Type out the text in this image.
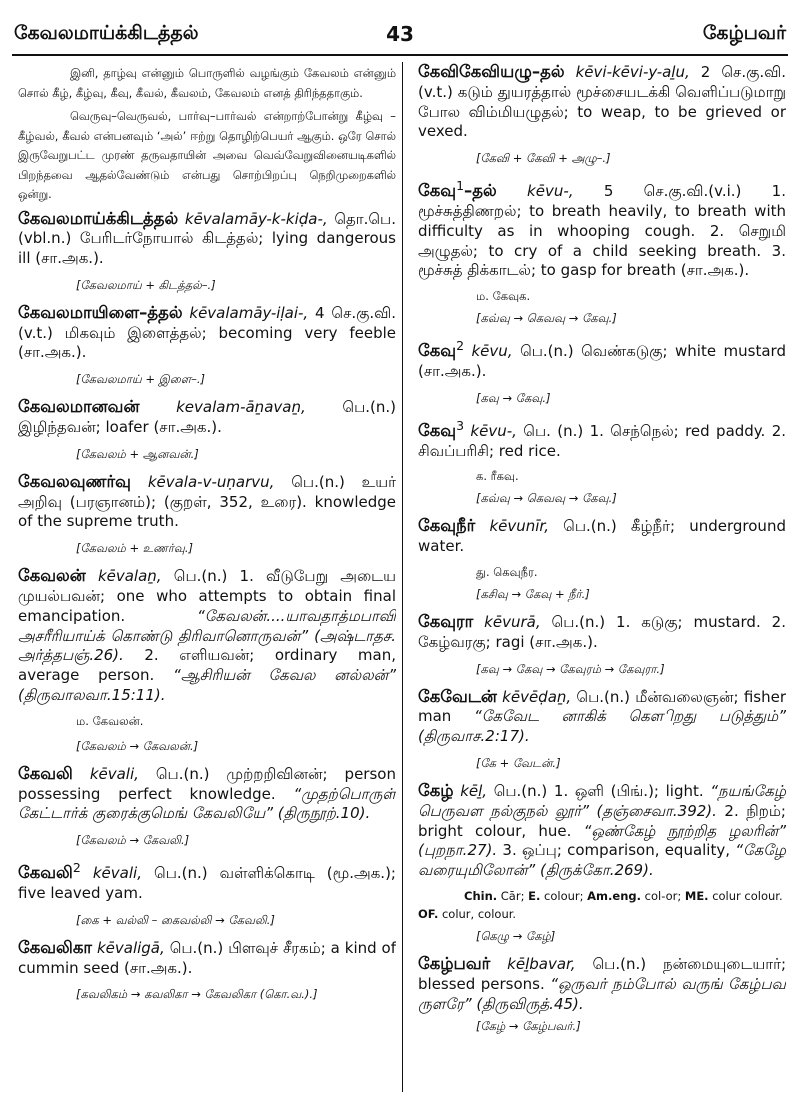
கேவலமாய்க்கிடத்தல்	43	கேழ்பவர்

இனி, தாழ்வு என்னும் பொருளில் வழங்கும் கேவலம் என்னும் சொல் கீழ், கீழ்வு, கீவு, கீவல், கீவலம், கேவலம் எனத் திரிந்ததாகும்.

வெருவு–வெருவல், பார்வு–பார்வல் என்றாற்போன்று கீழ்வு – கீழ்வல், கீவல் என்பனவும் ‘அல்’ ஈற்று தொழிற்பெயர் ஆகும். ஒரே சொல் இருவேறுபட்ட முரண் தருவதாயின் அவை வெவ்வேறுவினையடிகளில் பிறந்தவை ஆதல்வேண்டும் என்பது சொற்பிறப்பு நெறிமுறைகளில் ஒன்று.

கேவலமாய்க்கிடத்தல் kēvalamāy-k-kiḍa-, தொ.பெ.(vbl.n.) பேரிடர்நோயால் கிடத்தல்; lying dangerous ill (சா.அக.).

[கேவலமாய் + கிடத்தல்–.]

கேவலமாயிளை–த்தல் kēvalamāy-iḷai-, 4 செ.கு.வி.(v.t.) மிகவும் இளைத்தல்; becoming very feeble (சா.அக.).

[கேவலமாய் + இளை–.]

கேவலமானவன் kevalam-āṉavaṉ, பெ.(n.) இழிந்தவன்; loafer (சா.அக.).

[கேவலம் + ஆனவன்.]

கேவலவுணர்வு kēvala-v-uṇarvu, பெ.(n.) உயர் அறிவு (பரஞானம்); (குறள், 352, உரை). knowledge of the supreme truth.

[கேவலம் + உணர்வு.]

கேவலன் kēvalaṉ, பெ.(n.) 1. வீடுபேறு அடைய முயல்பவன்; one who attempts to obtain final emancipation.	“கேவலன்....யாவதாத்மபாவி அசரீரியாய்க் கொண்டு திரிவானொருவன்” (அஷ்டாதச. அர்த்தபஞ்.26). 2. எளியவன்; ordinary man, average person. “ஆசிரியன் கேவல னல்லன்” (திருவாலவா.15:11).

ம. கேவலன்.

[கேவலம் → கேவலன்.]

கேவலி kēvali, பெ.(n.) முற்றறிவினன்; person possessing perfect knowledge. “முதற்பொருள் கேட்டார்க் குரைக்குமெங் கேவலியே” (திருநூற்.10).

[கேவலம் → கேவலி.]

கேவலி$^2$ kēvali, பெ.(n.) வள்ளிக்கொடி (மூ.அக.); five leaved yam.

[கை + வல்லி – கைவல்லி → கேவலி.]

கேவலிகா kēvaligā, பெ.(n.) பிளவுச் சீரகம்; a kind of cummin seed (சா.அக.).

[கவலிகம் → கவலிகா → கேவலிகா (கொ.வ.).]

கேவிகேவியழு–தல் kēvi-kēvi-y-aḻu, 2 செ.கு.வி.(v.t.) கடும் துயரத்தால் மூச்சையடக்கி வெளிப்படுமாறு போல விம்மியழுதல்; to weap, to be grieved or vexed.

[கேவி + கேவி + அழு–.]

கேவு$^1$–தல் kēvu-, 5 செ.கு.வி.(v.i.) 1. மூச்சுத்திணறல்; to breath heavily, to breath with difficulty as in whooping cough. 2. செறுமி அழுதல்; to cry of a child seeking breath. 3. மூச்சுத் திக்காடல்; to gasp for breath (சா.அக.).

ம. கேவுக.

[கவ்வு → கெவவு → கேவு.]

கேவு$^2$ kēvu, பெ.(n.) வெண்கடுகு; white mustard (சா.அக.).

[கவு → கேவு.]

கேவு$^3$ kēvu-, பெ. (n.) 1. செந்நெல்; red paddy. 2. சிவப்பரிசி; red rice.

க. ரீகவு.

[கவ்வு → கெவவு → கேவு.]

கேவுநீர் kēvunīr, பெ.(n.) கீழ்நீர்; underground water.

து. கெவுநீர.

[கசிவு → கேவு + நீர்.]

கேவுரா kēvurā, பெ.(n.) 1. கடுகு; mustard. 2. கேழ்வரகு; ragi (சா.அக.).

[கவு → கேவு → கேவுரம் → கேவுரா.]

கேவேடன் kēvēḍaṉ, பெ.(n.) மீன்வலைஞன்; fisher man “கேவேட னாகிக் கௌிறது படுத்தும்” (திருவாச.2:17).

[கே + வேடன்.]

கேழ் kēḻ, பெ.(n.) 1. ஒளி (பிங்.); light. “நயங்கேழ் பெருவள நல்குநல் லூர்” (தஞ்சைவா.392). 2. நிறம்; bright colour, hue. “ஒண்கேழ் நூற்றித ழலரின்” (புறநா.27). 3. ஒப்பு; comparison, equality, “கேழே வரையுமிலோன்” (திருக்கோ.269).

Chin. Cār; E. colour; Am.eng. col-or; ME. colur colour. OF. colur, colour.

[கெழு → கேழ்]

கேழ்பவர் kēḻbavar, பெ.(n.) நன்மையுடையார்; blessed persons. “ஒருவர் நம்போல் வருங் கேழ்பவ ருளரே” (திருவிருத்.45).

[கேழ் → கேழ்பவர்.]
